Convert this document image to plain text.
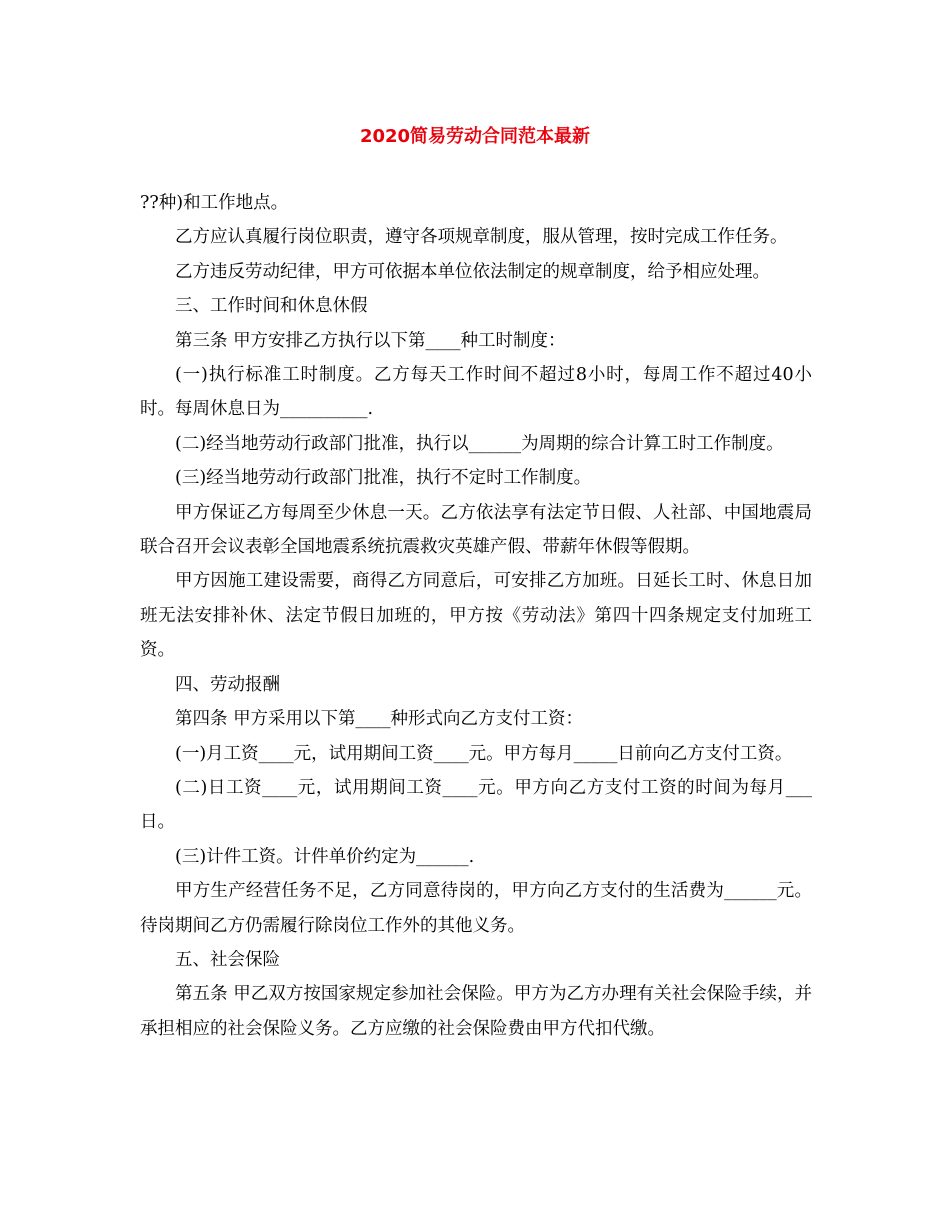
2020简易劳动合同范本最新

??种)和工作地点。

乙方应认真履行岗位职责，遵守各项规章制度，服从管理，按时完成工作任务。

乙方违反劳动纪律，甲方可依据本单位依法制定的规章制度，给予相应处理。

三、工作时间和休息休假

第三条 甲方安排乙方执行以下第____种工时制度：

(一)执行标准工时制度。乙方每天工作时间不超过8小时，每周工作不超过40小时。每周休息日为__________.

(二)经当地劳动行政部门批准，执行以______为周期的综合计算工时工作制度。

(三)经当地劳动行政部门批准，执行不定时工作制度。

甲方保证乙方每周至少休息一天。乙方依法享有法定节日假、人社部、中国地震局联合召开会议表彰全国地震系统抗震救灾英雄产假、带薪年休假等假期。

甲方因施工建设需要，商得乙方同意后，可安排乙方加班。日延长工时、休息日加班无法安排补休、法定节假日加班的，甲方按《劳动法》第四十四条规定支付加班工资。

四、劳动报酬

第四条 甲方采用以下第____种形式向乙方支付工资：

(一)月工资____元，试用期间工资____元。甲方每月_____日前向乙方支付工资。

(二)日工资____元，试用期间工资____元。甲方向乙方支付工资的时间为每月___日。

(三)计件工资。计件单价约定为______.

甲方生产经营任务不足，乙方同意待岗的，甲方向乙方支付的生活费为______元。待岗期间乙方仍需履行除岗位工作外的其他义务。

五、社会保险

第五条 甲乙双方按国家规定参加社会保险。甲方为乙方办理有关社会保险手续，并承担相应的社会保险义务。乙方应缴的社会保险费由甲方代扣代缴。
